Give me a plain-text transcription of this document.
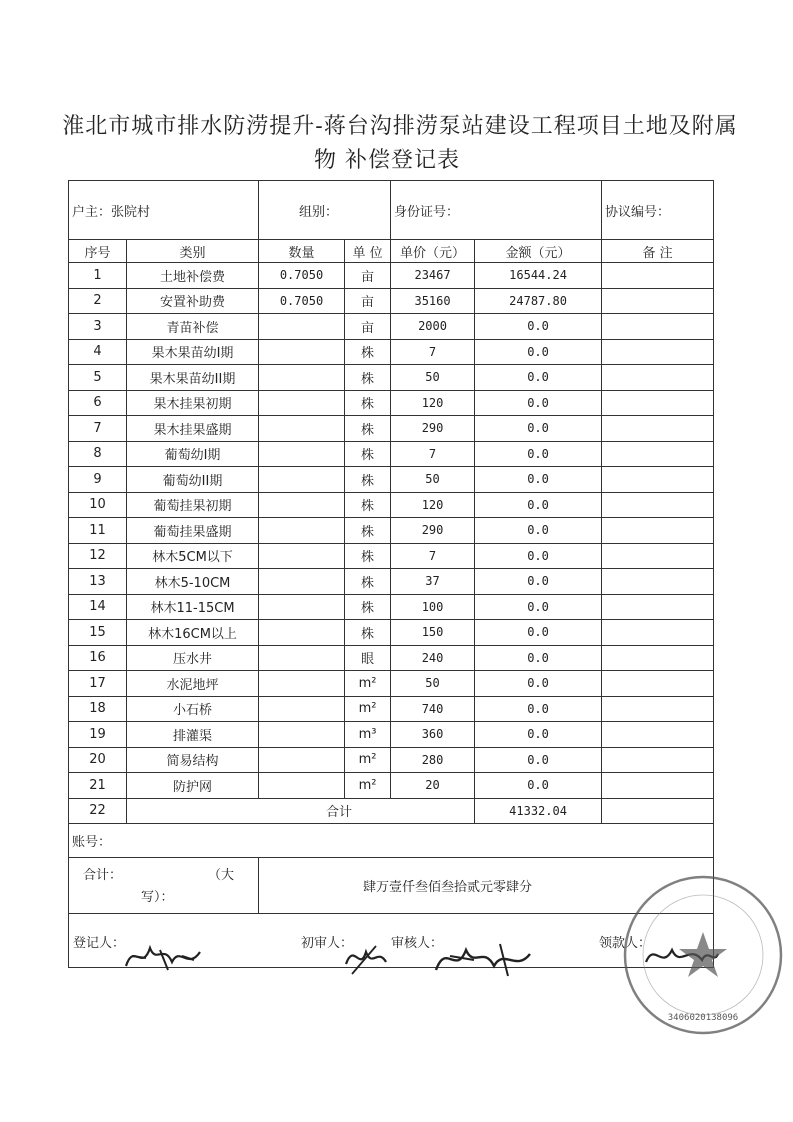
淮北市城市排水防涝提升-蒋台沟排涝泵站建设工程项目土地及附属
物 补偿登记表
户主：张院村		组别：		身份证号：		协议编号：
序号	类别	数量	单 位	单价（元）	金额（元）	备 注
1	土地补偿费	0.7050	亩	23467	16544.24	
2	安置补助费	0.7050	亩	35160	24787.80	
3	青苗补偿		亩	2000	0.0	
4	果木果苗幼I期		株	7	0.0	
5	果木果苗幼II期		株	50	0.0	
6	果木挂果初期		株	120	0.0	
7	果木挂果盛期		株	290	0.0	
8	葡萄幼I期		株	7	0.0	
9	葡萄幼II期		株	50	0.0	
10	葡萄挂果初期		株	120	0.0	
11	葡萄挂果盛期		株	290	0.0	
12	林木5CM以下		株	7	0.0	
13	林木5-10CM		株	37	0.0	
14	林木11-15CM		株	100	0.0	
15	林木16CM以上		株	150	0.0	
16	压水井		眼	240	0.0	
17	水泥地坪		m²	50	0.0	
18	小石桥		m²	740	0.0	
19	排灌渠		m³	360	0.0	
20	简易结构		m²	280	0.0	
21	防护网		m²	20	0.0	
22	合计				41332.04	
账号：						

合计： （大
写）：		肆万壹仟叁佰叁拾贰元零肆分				

登记人： 初审人： 审核人： 领款人：						
3406020138096
